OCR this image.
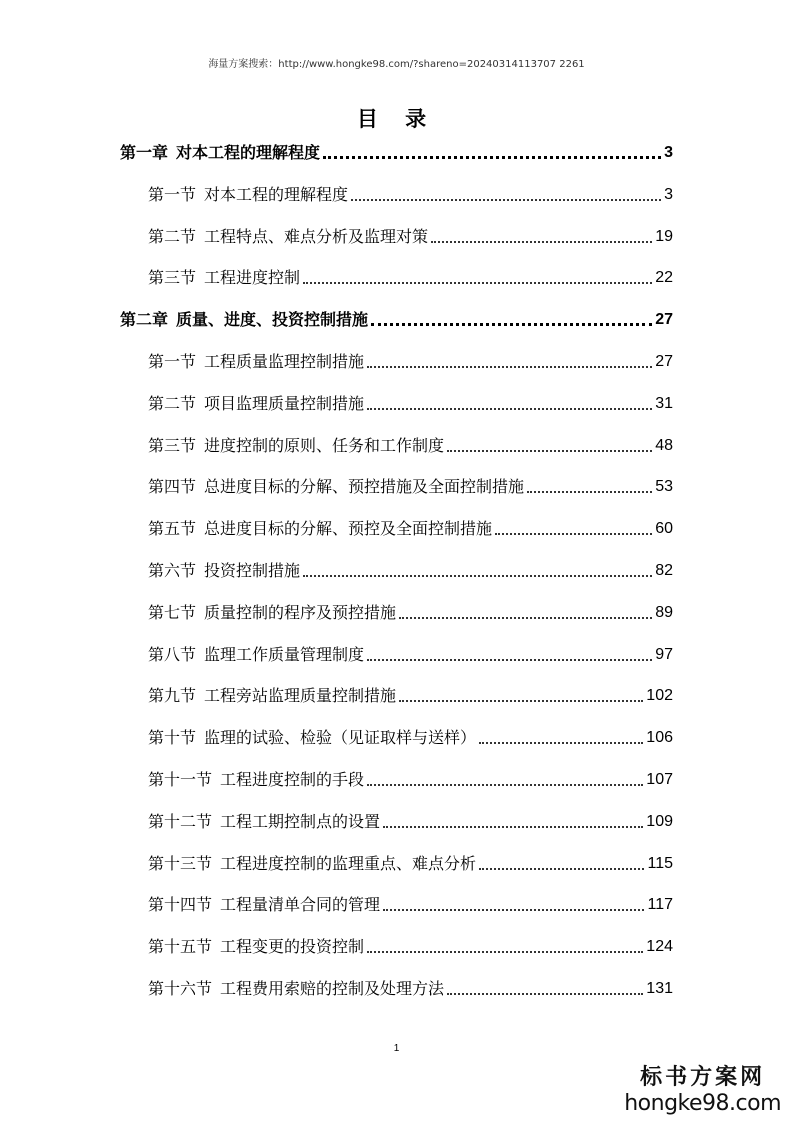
海量方案搜索：http://www.hongke98.com/?shareno=20240314113707 2261
目 录
第一章 对本工程的理解程度	3
第一节 对本工程的理解程度	3
第二节 工程特点、难点分析及监理对策	19
第三节 工程进度控制	22
第二章 质量、进度、投资控制措施	27
第一节 工程质量监理控制措施	27
第二节 项目监理质量控制措施	31
第三节 进度控制的原则、任务和工作制度	48
第四节 总进度目标的分解、预控措施及全面控制措施	53
第五节 总进度目标的分解、预控及全面控制措施	60
第六节 投资控制措施	82
第七节 质量控制的程序及预控措施	89
第八节 监理工作质量管理制度	97
第九节 工程旁站监理质量控制措施	102
第十节 监理的试验、检验（见证取样与送样）	106
第十一节 工程进度控制的手段	107
第十二节 工程工期控制点的设置	109
第十三节 工程进度控制的监理重点、难点分析	115
第十四节 工程量清单合同的管理	117
第十五节 工程变更的投资控制	124
第十六节 工程费用索赔的控制及处理方法	131
1
标书方案网
hongke98.com
